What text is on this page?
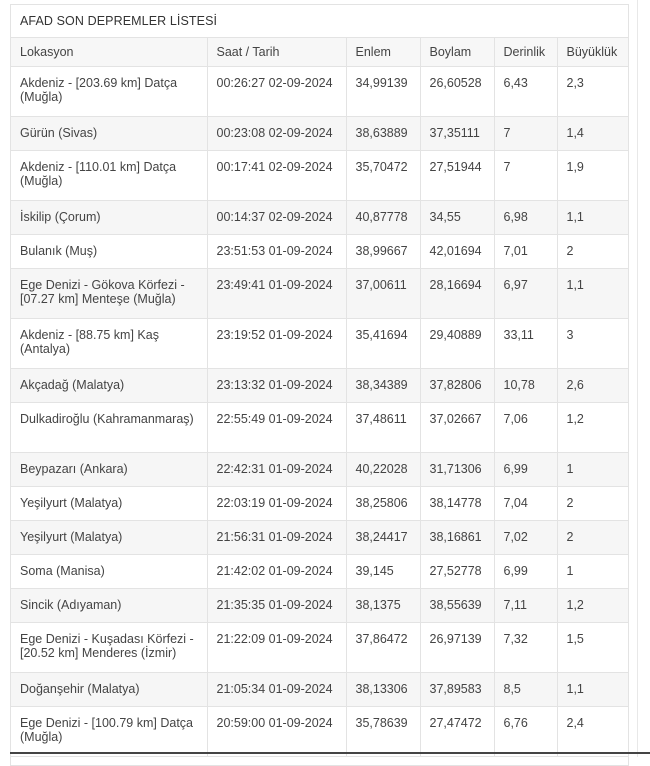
AFAD SON DEPREMLER LİSTESİ
Lokasyon	Saat / Tarih	Enlem	Boylam	Derinlik	Büyüklük
Akdeniz - [203.69 km] Datça (Muğla)	00:26:27 02-09-2024	34,99139	26,60528	6,43	2,3
Gürün (Sivas)	00:23:08 02-09-2024	38,63889	37,35111	7	1,4
Akdeniz - [110.01 km] Datça (Muğla)	00:17:41 02-09-2024	35,70472	27,51944	7	1,9
İskilip (Çorum)	00:14:37 02-09-2024	40,87778	34,55	6,98	1,1
Bulanık (Muş)	23:51:53 01-09-2024	38,99667	42,01694	7,01	2
Ege Denizi - Gökova Körfezi - [07.27 km] Menteşe (Muğla)	23:49:41 01-09-2024	37,00611	28,16694	6,97	1,1
Akdeniz - [88.75 km] Kaş (Antalya)	23:19:52 01-09-2024	35,41694	29,40889	33,11	3
Akçadağ (Malatya)	23:13:32 01-09-2024	38,34389	37,82806	10,78	2,6
Dulkadiroğlu (Kahramanmaraş)	22:55:49 01-09-2024	37,48611	37,02667	7,06	1,2
Beypazarı (Ankara)	22:42:31 01-09-2024	40,22028	31,71306	6,99	1
Yeşilyurt (Malatya)	22:03:19 01-09-2024	38,25806	38,14778	7,04	2
Yeşilyurt (Malatya)	21:56:31 01-09-2024	38,24417	38,16861	7,02	2
Soma (Manisa)	21:42:02 01-09-2024	39,145	27,52778	6,99	1
Sincik (Adıyaman)	21:35:35 01-09-2024	38,1375	38,55639	7,11	1,2
Ege Denizi - Kuşadası Körfezi - [20.52 km] Menderes (İzmir)	21:22:09 01-09-2024	37,86472	26,97139	7,32	1,5
Doğanşehir (Malatya)	21:05:34 01-09-2024	38,13306	37,89583	8,5	1,1
Ege Denizi - [100.79 km] Datça (Muğla)	20:59:00 01-09-2024	35,78639	27,47472	6,76	2,4
